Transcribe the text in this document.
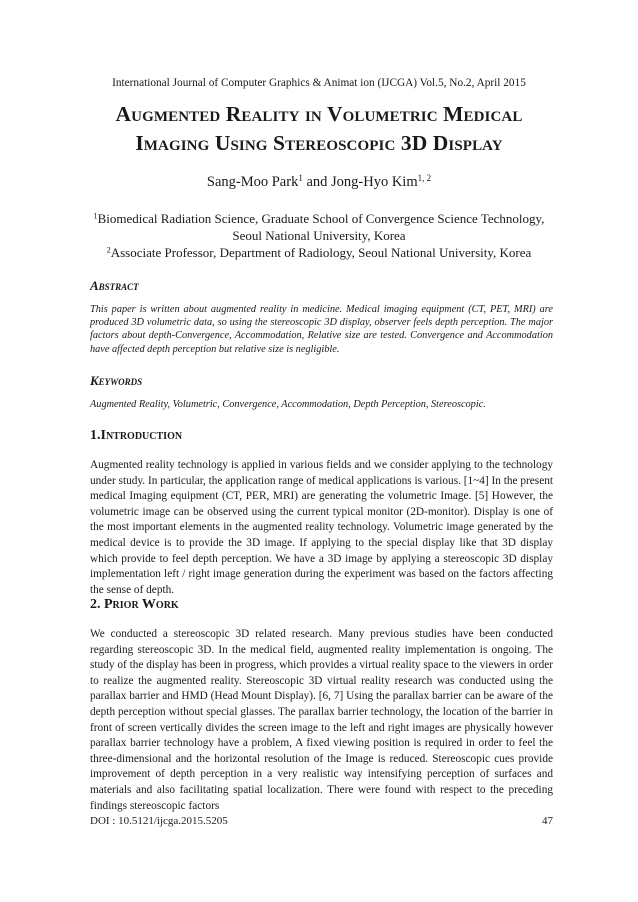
International Journal of Computer Graphics & Animat ion (IJCGA) Vol.5, No.2, April 2015
Augmented Reality in Volumetric Medical
Imaging Using Stereoscopic 3D Display
Sang-Moo Park$^1$ and Jong-Hyo Kim$^{1, 2}$

$^1$Biomedical Radiation Science, Graduate School of Convergence Science Technology,

Seoul National University, Korea

$^2$Associate Professor, Department of Radiology, Seoul National University, Korea

Abstract

This paper is written about augmented reality in medicine. Medical imaging equipment (CT, PET, MRI) are produced 3D volumetric data, so using the stereoscopic 3D display, observer feels depth perception. The major factors about depth-Convergence, Accommodation, Relative size are tested. Convergence and Accommodation have affected depth perception but relative size is negligible.

Keywords

Augmented Reality, Volumetric, Convergence, Accommodation, Depth Perception, Stereoscopic.

1.Introduction

Augmented reality technology is applied in various fields and we consider applying to the technology under study. In particular, the application range of medical applications is various. [1~4] In the present medical Imaging equipment (CT, PER, MRI) are generating the volumetric Image. [5] However, the volumetric image can be observed using the current typical monitor (2D-monitor). Display is one of the most important elements in the augmented reality technology. Volumetric image generated by the medical device is to provide the 3D image. If applying to the special display like that 3D display which provide to feel depth perception. We have a 3D image by applying a stereoscopic 3D display implementation left / right image generation during the experiment was based on the factors affecting the sense of depth.

2. Prior Work

We conducted a stereoscopic 3D related research. Many previous studies have been conducted regarding stereoscopic 3D. In the medical field, augmented reality implementation is ongoing. The study of the display has been in progress, which provides a virtual reality space to the viewers in order to realize the augmented reality. Stereoscopic 3D virtual reality research was conducted using the parallax barrier and HMD (Head Mount Display). [6, 7] Using the parallax barrier can be aware of the depth perception without special glasses. The parallax barrier technology, the location of the barrier in front of screen vertically divides the screen image to the left and right images are physically however parallax barrier technology have a problem, A fixed viewing position is required in order to feel the three-dimensional and the horizontal resolution of the Image is reduced. Stereoscopic cues provide improvement of depth perception in a very realistic way intensifying perception of surfaces and materials and also facilitating spatial localization. There were found with respect to the preceding findings stereoscopic factors

DOI : 10.5121/ijcga.2015.5205	47
